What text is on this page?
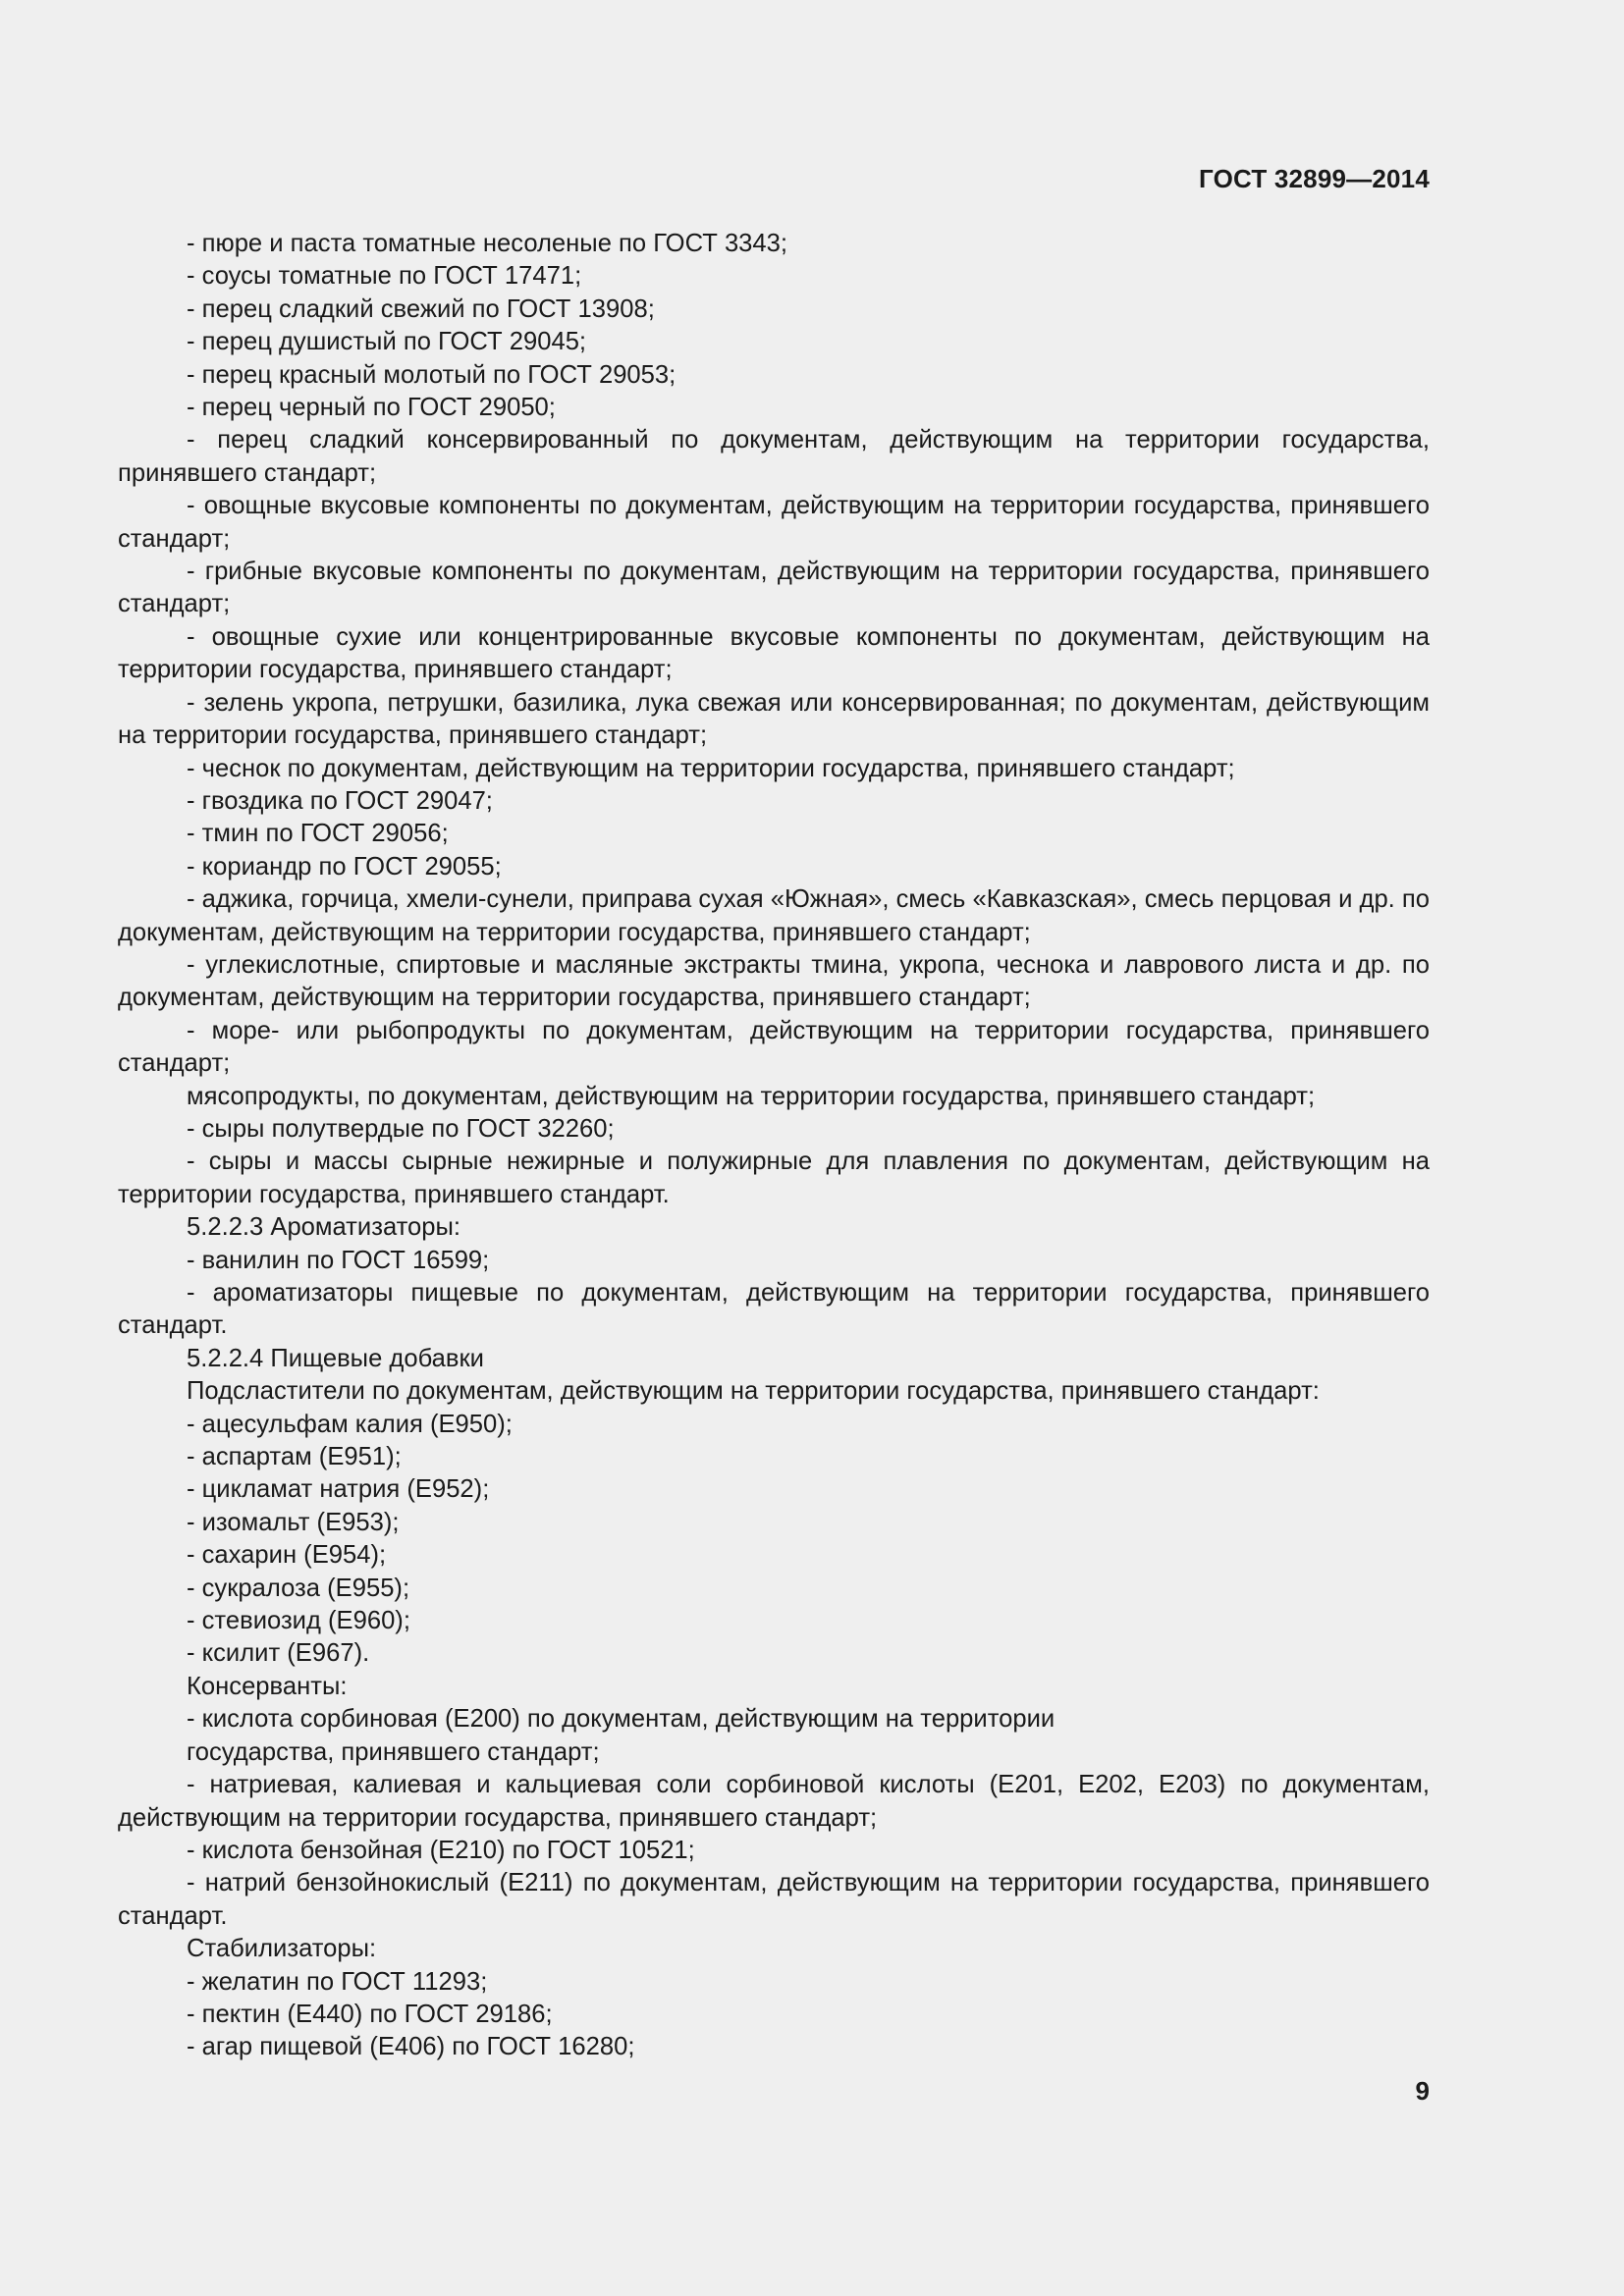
ГОСТ 32899—2014

- пюре и паста томатные несоленые по ГОСТ 3343;

- соусы томатные по ГОСТ 17471;

- перец сладкий свежий по ГОСТ 13908;

- перец душистый по ГОСТ 29045;

- перец красный молотый по ГОСТ 29053;

- перец черный по ГОСТ 29050;

- перец сладкий консервированный по документам, действующим на территории государства, принявшего стандарт;

- овощные вкусовые компоненты по документам, действующим на территории государства, принявшего стандарт;

- грибные вкусовые компоненты по документам, действующим на территории государства, принявшего стандарт;

- овощные сухие или концентрированные вкусовые компоненты по документам, действующим на территории государства, принявшего стандарт;

- зелень укропа, петрушки, базилика, лука свежая или консервированная; по документам, действующим на территории государства, принявшего стандарт;

- чеснок по документам, действующим на территории государства, принявшего стандарт;

- гвоздика по ГОСТ 29047;

- тмин по ГОСТ 29056;

- кориандр по ГОСТ 29055;

- аджика, горчица, хмели-сунели, приправа сухая «Южная», смесь «Кавказская», смесь перцовая и др. по документам, действующим на территории государства, принявшего стандарт;

- углекислотные, спиртовые и масляные экстракты тмина, укропа, чеснока и лаврового листа и др. по документам, действующим на территории государства, принявшего стандарт;

- море- или рыбопродукты по документам, действующим на территории государства, принявшего стандарт;

мясопродукты, по документам, действующим на территории государства, принявшего стандарт;

- сыры полутвердые по ГОСТ 32260;

- сыры и массы сырные нежирные и полужирные для плавления по документам, действующим на территории государства, принявшего стандарт.

5.2.2.3 Ароматизаторы:

- ванилин по ГОСТ 16599;

- ароматизаторы пищевые по документам, действующим на территории государства, принявшего стандарт.

5.2.2.4 Пищевые добавки

Подсластители по документам, действующим на территории государства, принявшего стандарт:

- ацесульфам калия (Е950);

- аспартам (Е951);

- цикламат натрия (Е952);

- изомальт (Е953);

- сахарин (Е954);

- сукралоза (Е955);

- стевиозид (Е960);

- ксилит (Е967).

Консерванты:

- кислота сорбиновая (Е200) по документам, действующим на территории

государства, принявшего стандарт;

- натриевая, калиевая и кальциевая соли сорбиновой кислоты (Е201, Е202, Е203) по документам, действующим на территории государства, принявшего стандарт;

- кислота бензойная (Е210) по ГОСТ 10521;

- натрий бензойнокислый (Е211) по документам, действующим на территории государства, принявшего стандарт.

Стабилизаторы:

- желатин по ГОСТ 11293;

- пектин (Е440) по ГОСТ 29186;

- агар пищевой (Е406) по ГОСТ 16280;

9
